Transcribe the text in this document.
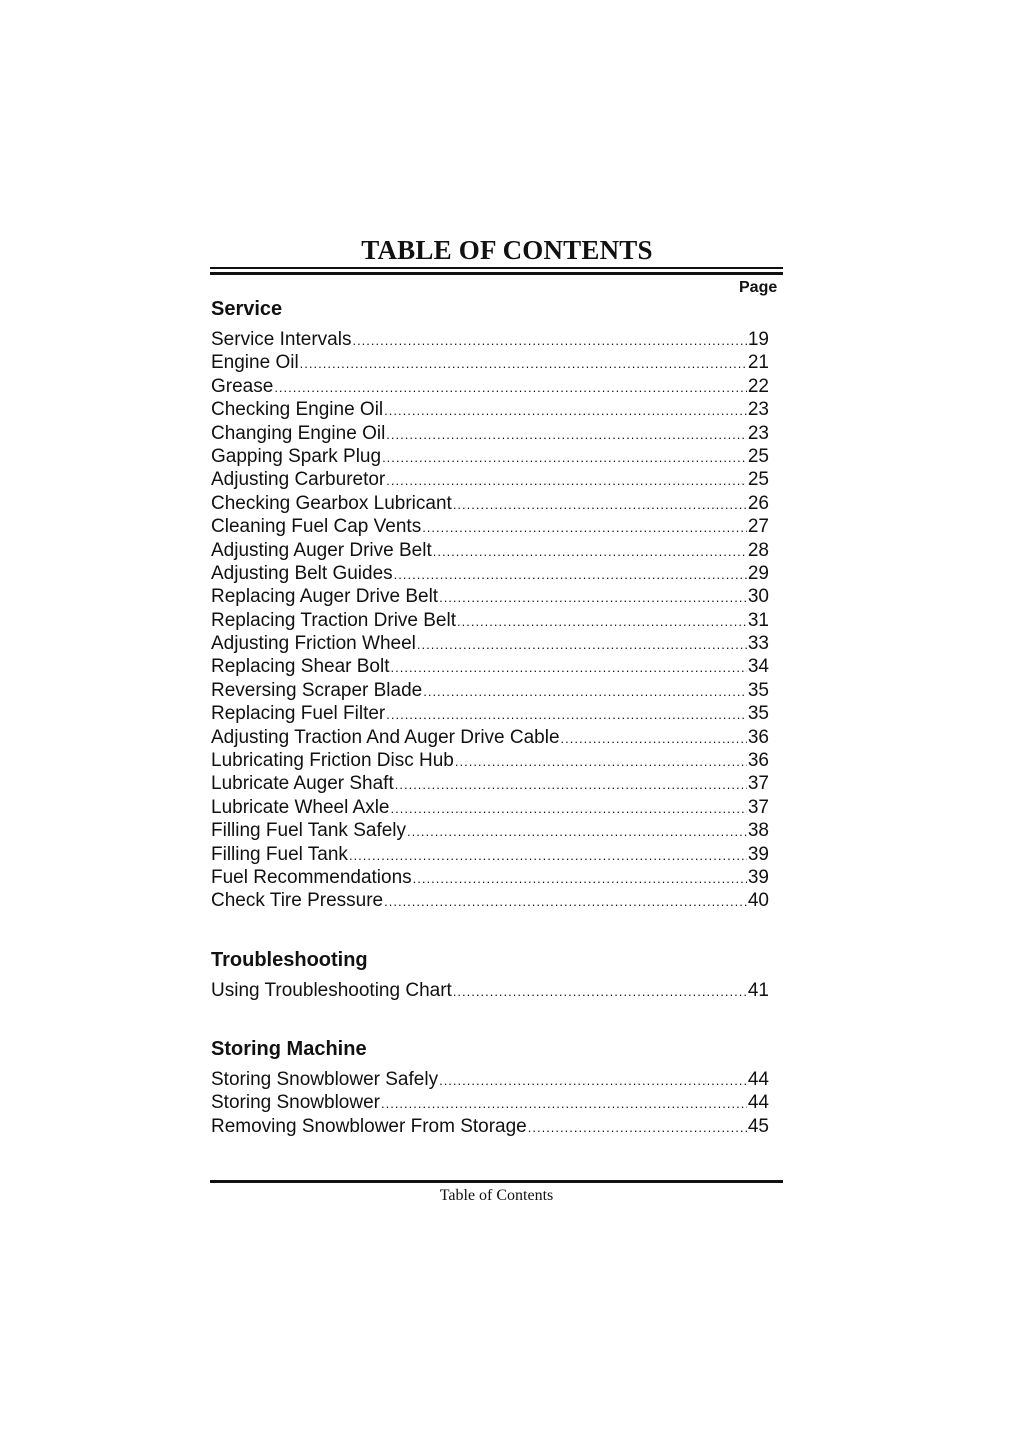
TABLE OF CONTENTS
Page
Service
Service Intervals .....	19
Engine Oil .....	21
Grease .....	22
Checking Engine Oil .....	23
Changing Engine Oil .....	23
Gapping Spark Plug .....	25
Adjusting Carburetor .....	25
Checking Gearbox Lubricant .....	26
Cleaning Fuel Cap Vents .....	27
Adjusting Auger Drive Belt .....	28
Adjusting Belt Guides .....	29
Replacing Auger Drive Belt .....	30
Replacing Traction Drive Belt .....	31
Adjusting Friction Wheel .....	33
Replacing Shear Bolt .....	34
Reversing Scraper Blade .....	35
Replacing Fuel Filter .....	35
Adjusting Traction And Auger Drive Cable .....	36
Lubricating Friction Disc Hub .....	36
Lubricate Auger Shaft .....	37
Lubricate Wheel Axle .....	37
Filling Fuel Tank Safely .....	38
Filling Fuel Tank .....	39
Fuel Recommendations .....	39
Check Tire Pressure .....	40
Troubleshooting
Using Troubleshooting Chart .....	41
Storing Machine
Storing Snowblower Safely .....	44
Storing Snowblower .....	44
Removing Snowblower From Storage .....	45
Table of Contents
